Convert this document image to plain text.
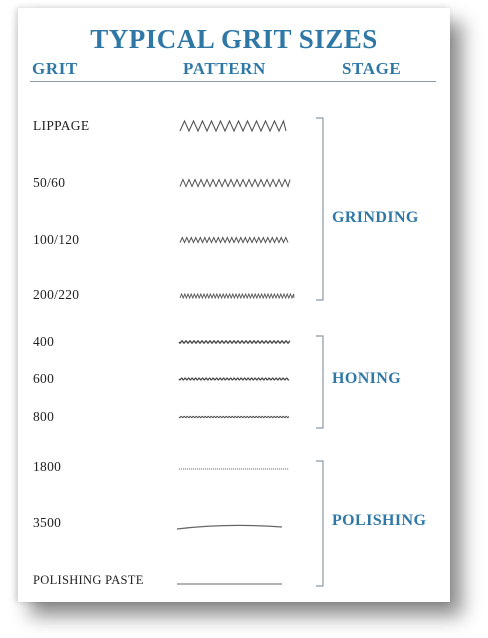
TYPICAL GRIT SIZES
GRIT	PATTERN	STAGE
LIPPAGE
50/60
100/120
200/220
400
600
800
1800
3500
POLISHING PASTE
GRINDING
HONING
POLISHING
